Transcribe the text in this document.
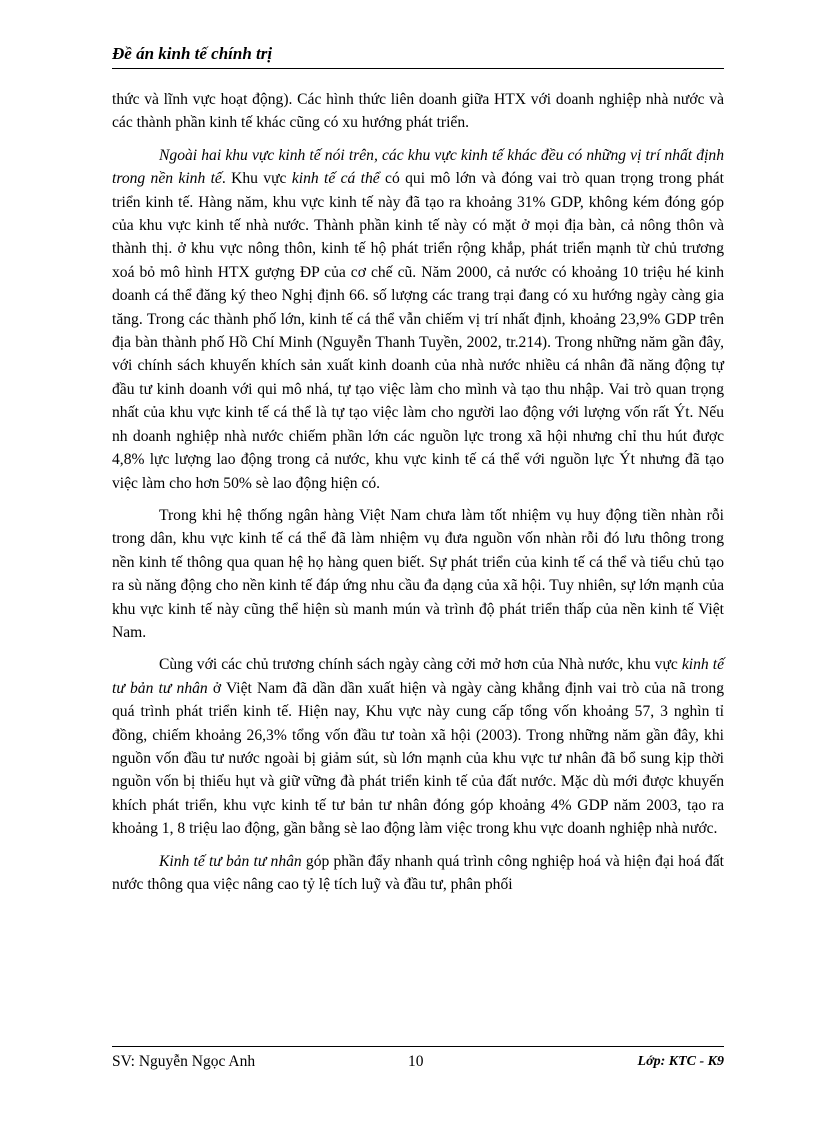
Đề án kinh tế chính trị

thức và lĩnh vực hoạt động). Các hình thức liên doanh giữa HTX với doanh nghiệp nhà nước và các thành phần kinh tế khác cũng có xu hướng phát triển.

Ngoài hai khu vực kinh tế nói trên, các khu vực kinh tế khác đều có những vị trí nhất định trong nền kinh tế. Khu vực kinh tế cá thể có qui mô lớn và đóng vai trò quan trọng trong phát triển kinh tế. Hàng năm, khu vực kinh tế này đã tạo ra khoảng 31% GDP, không kém đóng góp của khu vực kinh tế nhà nước. Thành phần kinh tế này có mặt ở mọi địa bàn, cả nông thôn và thành thị. ở khu vực nông thôn, kinh tế hộ phát triển rộng khắp, phát triển mạnh từ chủ trương xoá bỏ mô hình HTX gượng ĐP của cơ chế cũ. Năm 2000, cả nước có khoảng 10 triệu hé kinh doanh cá thể đăng ký theo Nghị định 66. số lượng các trang trại đang có xu hướng ngày càng gia tăng. Trong các thành phố lớn, kinh tế cá thể vẫn chiếm vị trí nhất định, khoảng 23,9% GDP trên địa bàn thành phố Hồ Chí Minh (Nguyễn Thanh Tuyền, 2002, tr.214). Trong những năm gần đây, với chính sách khuyến khích sản xuất kinh doanh của nhà nước nhiều cá nhân đã năng động tự đầu tư kinh doanh với qui mô nhá, tự tạo việc làm cho mình và tạo thu nhập. Vai trò quan trọng nhất của khu vực kinh tế cá thể là tự tạo việc làm cho người lao động với lượng vốn rất Ýt. Nếu nh doanh nghiệp nhà nước chiếm phần lớn các nguồn lực trong xã hội nhưng chỉ thu hút được 4,8% lực lượng lao động trong cả nước, khu vực kinh tế cá thể với nguồn lực Ýt nhưng đã tạo việc làm cho hơn 50% sè lao động hiện có.

Trong khi hệ thống ngân hàng Việt Nam chưa làm tốt nhiệm vụ huy động tiền nhàn rỗi trong dân, khu vực kinh tế cá thể đã làm nhiệm vụ đưa nguồn vốn nhàn rỗi đó lưu thông trong nền kinh tế thông qua quan hệ họ hàng quen biết. Sự phát triển của kinh tế cá thể và tiểu chủ tạo ra sù năng động cho nền kinh tế đáp ứng nhu cầu đa dạng của xã hội. Tuy nhiên, sự lớn mạnh của khu vực kinh tế này cũng thể hiện sù manh mún và trình độ phát triển thấp của nền kinh tế Việt Nam.

Cùng với các chủ trương chính sách ngày càng cởi mở hơn của Nhà nước, khu vực kinh tế tư bản tư nhân ở Việt Nam đã dần dần xuất hiện và ngày càng khẳng định vai trò của nã trong quá trình phát triển kinh tế. Hiện nay, Khu vực này cung cấp tổng vốn khoảng 57, 3 nghìn tỉ đồng, chiếm khoảng 26,3% tổng vốn đầu tư toàn xã hội (2003). Trong những năm gần đây, khi nguồn vốn đầu tư nước ngoài bị giảm sút, sù lớn mạnh của khu vực tư nhân đã bổ sung kịp thời nguồn vốn bị thiếu hụt và giữ vững đà phát triển kinh tế của đất nước. Mặc dù mới được khuyến khích phát triển, khu vực kinh tế tư bản tư nhân đóng góp khoảng 4% GDP năm 2003, tạo ra khoảng 1, 8 triệu lao động, gần bằng sè lao động làm việc trong khu vực doanh nghiệp nhà nước.

Kinh tế tư bản tư nhân góp phần đẩy nhanh quá trình công nghiệp hoá và hiện đại hoá đất nước thông qua việc nâng cao tỷ lệ tích luỹ và đầu tư, phân phối

SV: Nguyễn Ngọc Anh	10	Lớp: KTC - K9
